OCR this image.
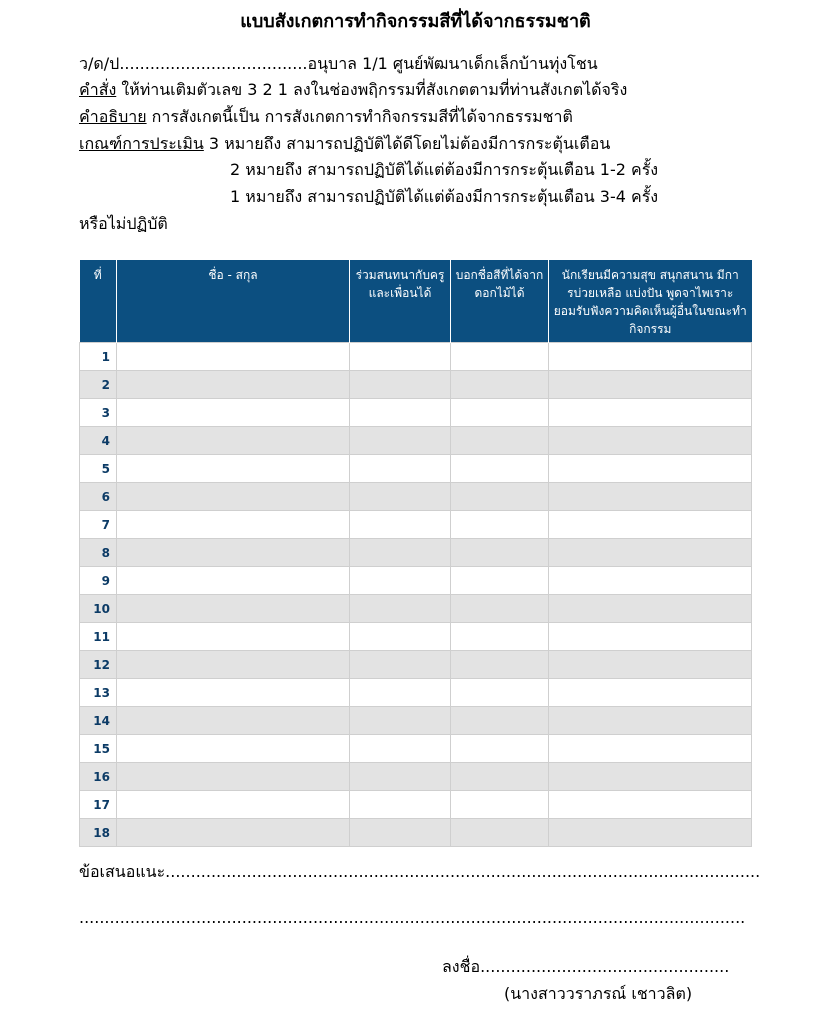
แบบสังเกตการทำกิจกรรมสีที่ได้จากธรรมชาติ
ว/ด/ป.....................................อนุบาล 1/1 ศูนย์พัฒนาเด็กเล็กบ้านทุ่งโชน
คำสั่ง ให้ท่านเติมตัวเลข 3 2 1 ลงในช่องพฤิกรรมที่สังเกตตามที่ท่านสังเกตได้จริง
คำอธิบาย การสังเกตนี้เป็น การสังเกตการทำกิจกรรมสีที่ได้จากธรรมชาติ
เกณฑ์การประเมิน 3 หมายถึง สามารถปฏิบัติได้ดีโดยไม่ต้องมีการกระตุ้นเตือน
2 หมายถึง สามารถปฏิบัติได้แต่ต้องมีการกระตุ้นเตือน 1-2 ครั้ง
1 หมายถึง สามารถปฏิบัติได้แต่ต้องมีการกระตุ้นเตือน 3-4 ครั้ง
หรือไม่ปฏิบัติ
ที่	ชื่อ - สกุล	ร่วมสนทนากับครูและเพื่อนได้	บอกชื่อสีที่ได้จากดอกไม้ได้	นักเรียนมีความสุข สนุกสนาน มีการบ่วยเหลือ แบ่งปัน พูดจาไพเราะ ยอมรับฟังความคิดเห็นผู้อื่นในขณะทำกิจกรรม
1				
2				
3				
4				
5				
6				
7				
8				
9				
10				
11				
12				
13				
14				
15				
16				
17				
18				
ข้อเสนอแนะ.....................................................................................................................
...................................................................................................................................
ลงชื่อ.................................................
(นางสาววราภรณ์ เชาวลิต)
